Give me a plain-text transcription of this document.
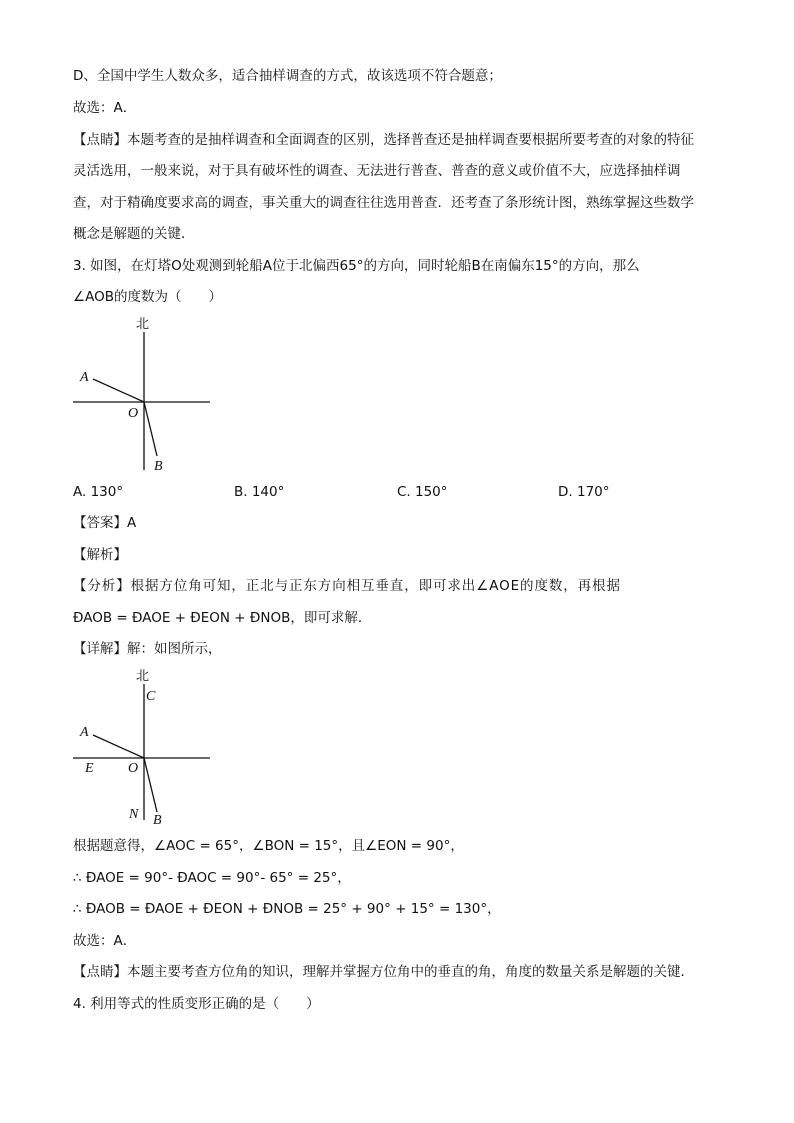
D、全国中学生人数众多，适合抽样调查的方式，故该选项不符合题意；
故选：A．
【点睛】本题考查的是抽样调查和全面调查的区别，选择普查还是抽样调查要根据所要考查的对象的特征
灵活选用，一般来说，对于具有破坏性的调查、无法进行普查、普查的意义或价值不大，应选择抽样调
查，对于精确度要求高的调查，事关重大的调查往往选用普查．还考查了条形统计图，熟练掌握这些数学
概念是解题的关键．
3. 如图，在灯塔O处观测到轮船A位于北偏西65°的方向，同时轮船B在南偏东15°的方向，那么
∠AOB的度数为（　　）
北
A
O
B
A. 130°	B. 140°	C. 150°	D. 170°
【答案】A
【解析】
【分析】根据方位角可知，正北与正东方向相互垂直，即可求出∠AOE的度数，再根据
ÐAOB = ÐAOE + ÐEON + ÐNOB，即可求解．
【详解】解：如图所示，
北
C
A
E O
N B
根据题意得，∠AOC = 65°，∠BON = 15°，且∠EON = 90°，
∴ ÐAOE = 90°- ÐAOC = 90°- 65° = 25°，
∴ ÐAOB = ÐAOE + ÐEON + ÐNOB = 25° + 90° + 15° = 130°，
故选：A．
【点睛】本题主要考查方位角的知识，理解并掌握方位角中的垂直的角，角度的数量关系是解题的关键．
4. 利用等式的性质变形正确的是（　　）
